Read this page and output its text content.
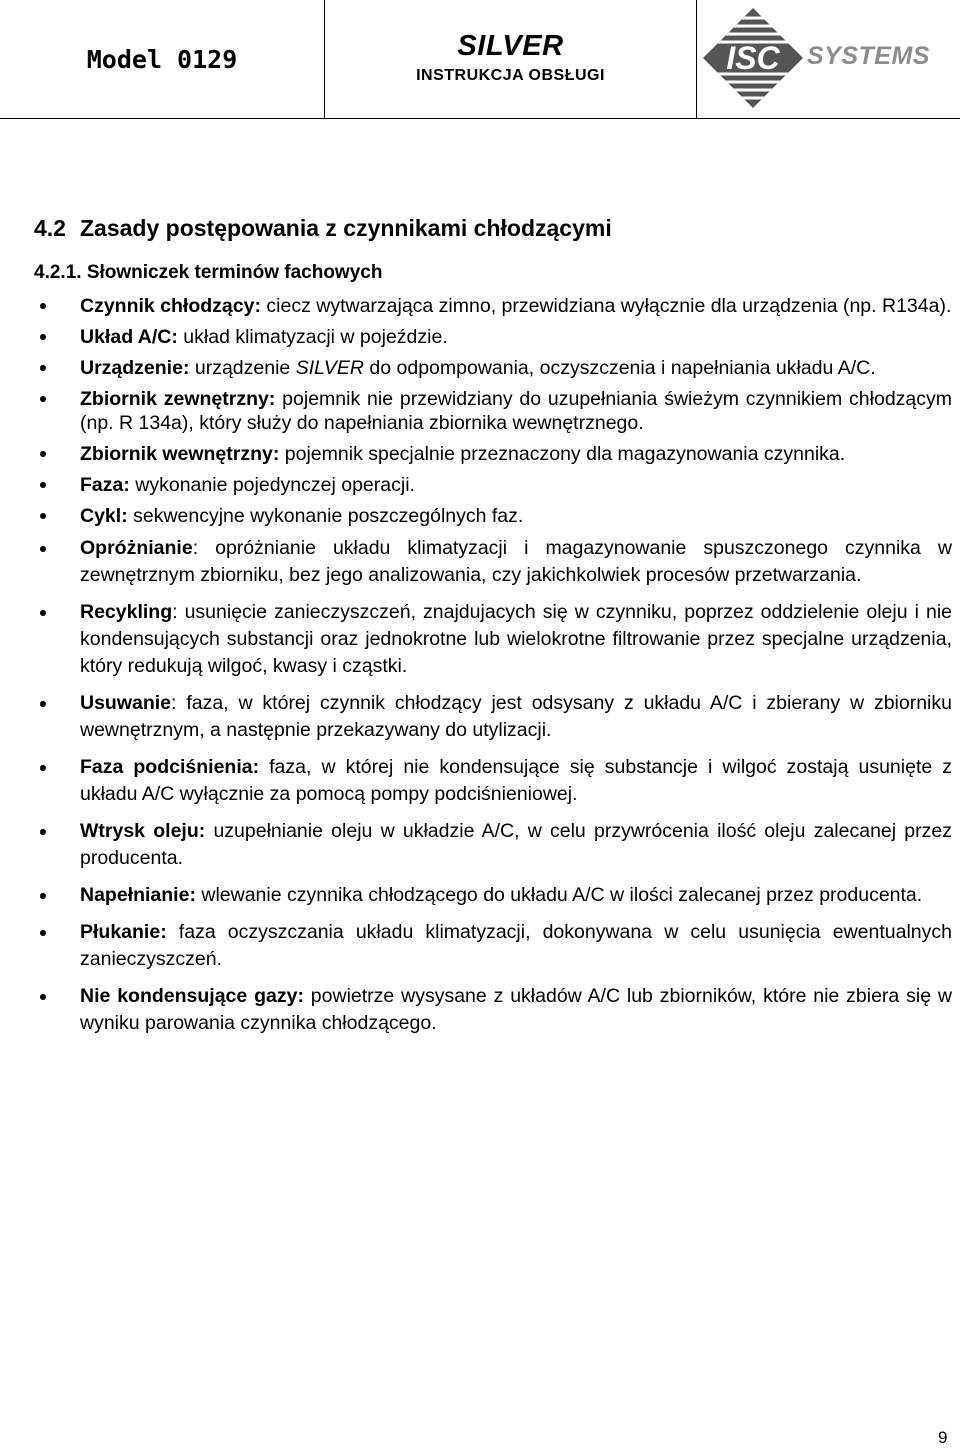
Model 0129	SILVER
INSTRUKCJA OBSŁUGI	ISC SYSTEMS
4.2 Zasady postępowania z czynnikami chłodzącymi
4.2.1. Słowniczek terminów fachowych
Czynnik chłodzący: ciecz wytwarzająca zimno, przewidziana wyłącznie dla urządzenia (np. R134a).
Układ A/C: układ klimatyzacji w pojeździe.
Urządzenie: urządzenie SILVER do odpompowania, oczyszczenia i napełniania układu A/C.
Zbiornik zewnętrzny: pojemnik nie przewidziany do uzupełniania świeżym czynnikiem chłodzącym (np. R 134a), który służy do napełniania zbiornika wewnętrznego.
Zbiornik wewnętrzny: pojemnik specjalnie przeznaczony dla magazynowania czynnika.
Faza: wykonanie pojedynczej operacji.
Cykl: sekwencyjne wykonanie poszczególnych faz.
Opróżnianie: opróżnianie układu klimatyzacji i magazynowanie spuszczonego czynnika w zewnętrznym zbiorniku, bez jego analizowania, czy jakichkolwiek procesów przetwarzania.
Recykling: usunięcie zanieczyszczeń, znajdujacych się w czynniku, poprzez oddzielenie oleju i nie kondensujących substancji oraz jednokrotne lub wielokrotne filtrowanie przez specjalne urządzenia, który redukują wilgoć, kwasy i cząstki.
Usuwanie: faza, w której czynnik chłodzący jest odsysany z układu A/C i zbierany w zbiorniku wewnętrznym, a następnie przekazywany do utylizacji.
Faza podciśnienia: faza, w której nie kondensujące się substancje i wilgoć zostają usunięte z układu A/C wyłącznie za pomocą pompy podciśnieniowej.
Wtrysk oleju: uzupełnianie oleju w układzie A/C, w celu przywrócenia ilość oleju zalecanej przez producenta.
Napełnianie: wlewanie czynnika chłodzącego do układu A/C w ilości zalecanej przez producenta.
Płukanie: faza oczyszczania układu klimatyzacji, dokonywana w celu usunięcia ewentualnych zanieczyszczeń.
Nie kondensujące gazy: powietrze wysysane z układów A/C lub zbiorników, które nie zbiera się w wyniku parowania czynnika chłodzącego.
9
